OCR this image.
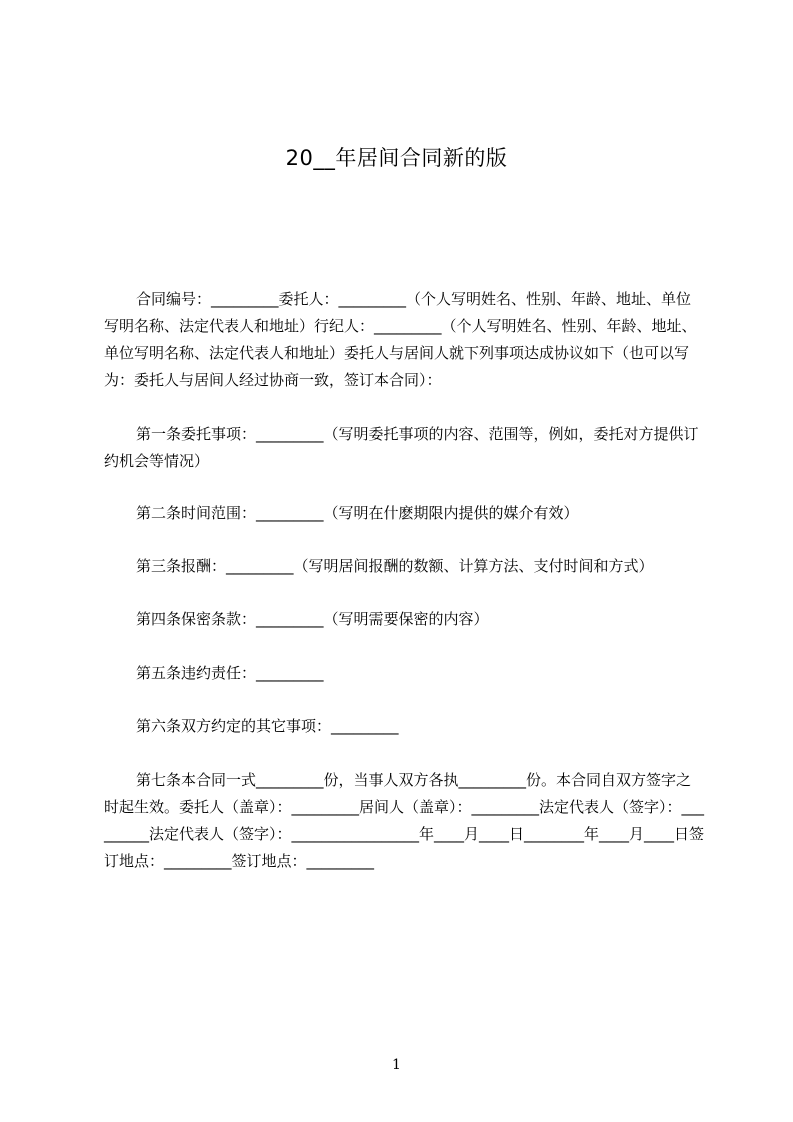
20__年居间合同新的版
合同编号：_________委托人：_________（个人写明姓名、性别、年龄、地址、单位写明名称、法定代表人和地址）行纪人：_________（个人写明姓名、性别、年龄、地址、单位写明名称、法定代表人和地址）委托人与居间人就下列事项达成协议如下（也可以写为：委托人与居间人经过协商一致，签订本合同）：
第一条委托事项：_________（写明委托事项的内容、范围等，例如，委托对方提供订约机会等情况）
第二条时间范围：_________（写明在什麽期限内提供的媒介有效）
第三条报酬：_________（写明居间报酬的数额、计算方法、支付时间和方式）
第四条保密条款：_________（写明需要保密的内容）
第五条违约责任：_________
第六条双方约定的其它事项：_________
第七条本合同一式_________份，当事人双方各执_________份。本合同自双方签字之时起生效。委托人（盖章）：_________居间人（盖章）：_________法定代表人（签字）：_________法定代表人（签字）：_________________年____月____日________年____月____日签订地点：_________签订地点：_________
1
